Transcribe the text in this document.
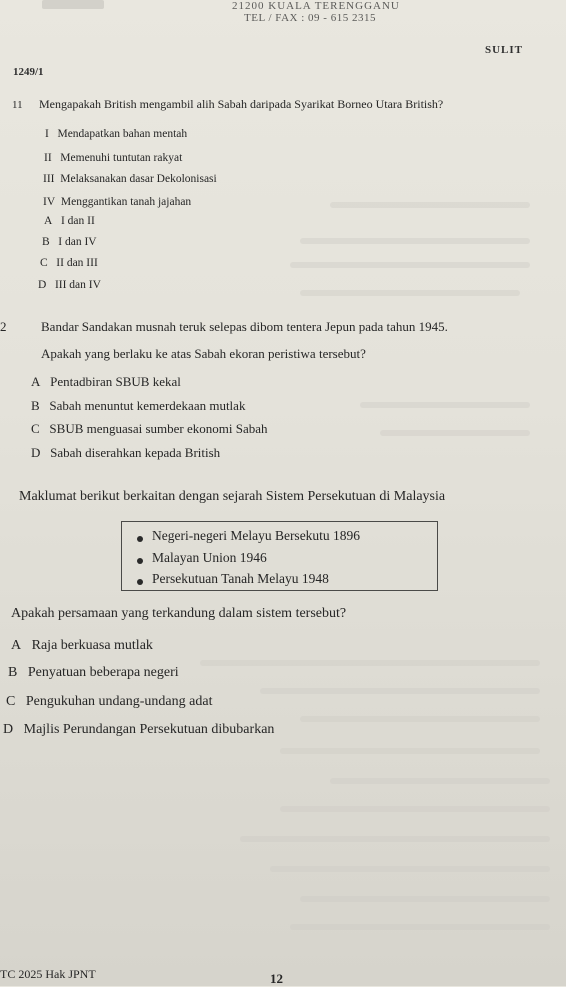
21200 KUALA TERENGGANU
TEL / FAX : 09 - 615 2315
SULIT
1249/1
11 Mengapakah British mengambil alih Sabah daripada Syarikat Borneo Utara British?
I Mendapatkan bahan mentah
II Memenuhi tuntutan rakyat
III Melaksanakan dasar Dekolonisasi
IV Menggantikan tanah jajahan
A I dan II
B I dan IV
C II dan III
D III dan IV
2	Bandar Sandakan musnah teruk selepas dibom tentera Jepun pada tahun 1945.
Apakah yang berlaku ke atas Sabah ekoran peristiwa tersebut?
A Pentadbiran SBUB kekal
B Sabah menuntut kemerdekaan mutlak
C SBUB menguasai sumber ekonomi Sabah
D Sabah diserahkan kepada British
Maklumat berikut berkaitan dengan sejarah Sistem Persekutuan di Malaysia
Negeri-negeri Melayu Bersekutu 1896
Malayan Union 1946
Persekutuan Tanah Melayu 1948
Apakah persamaan yang terkandung dalam sistem tersebut?
A Raja berkuasa mutlak
B Penyatuan beberapa negeri
C Pengukuhan undang-undang adat
D Majlis Perundangan Persekutuan dibubarkan
TC 2025 Hak JPNT	12
